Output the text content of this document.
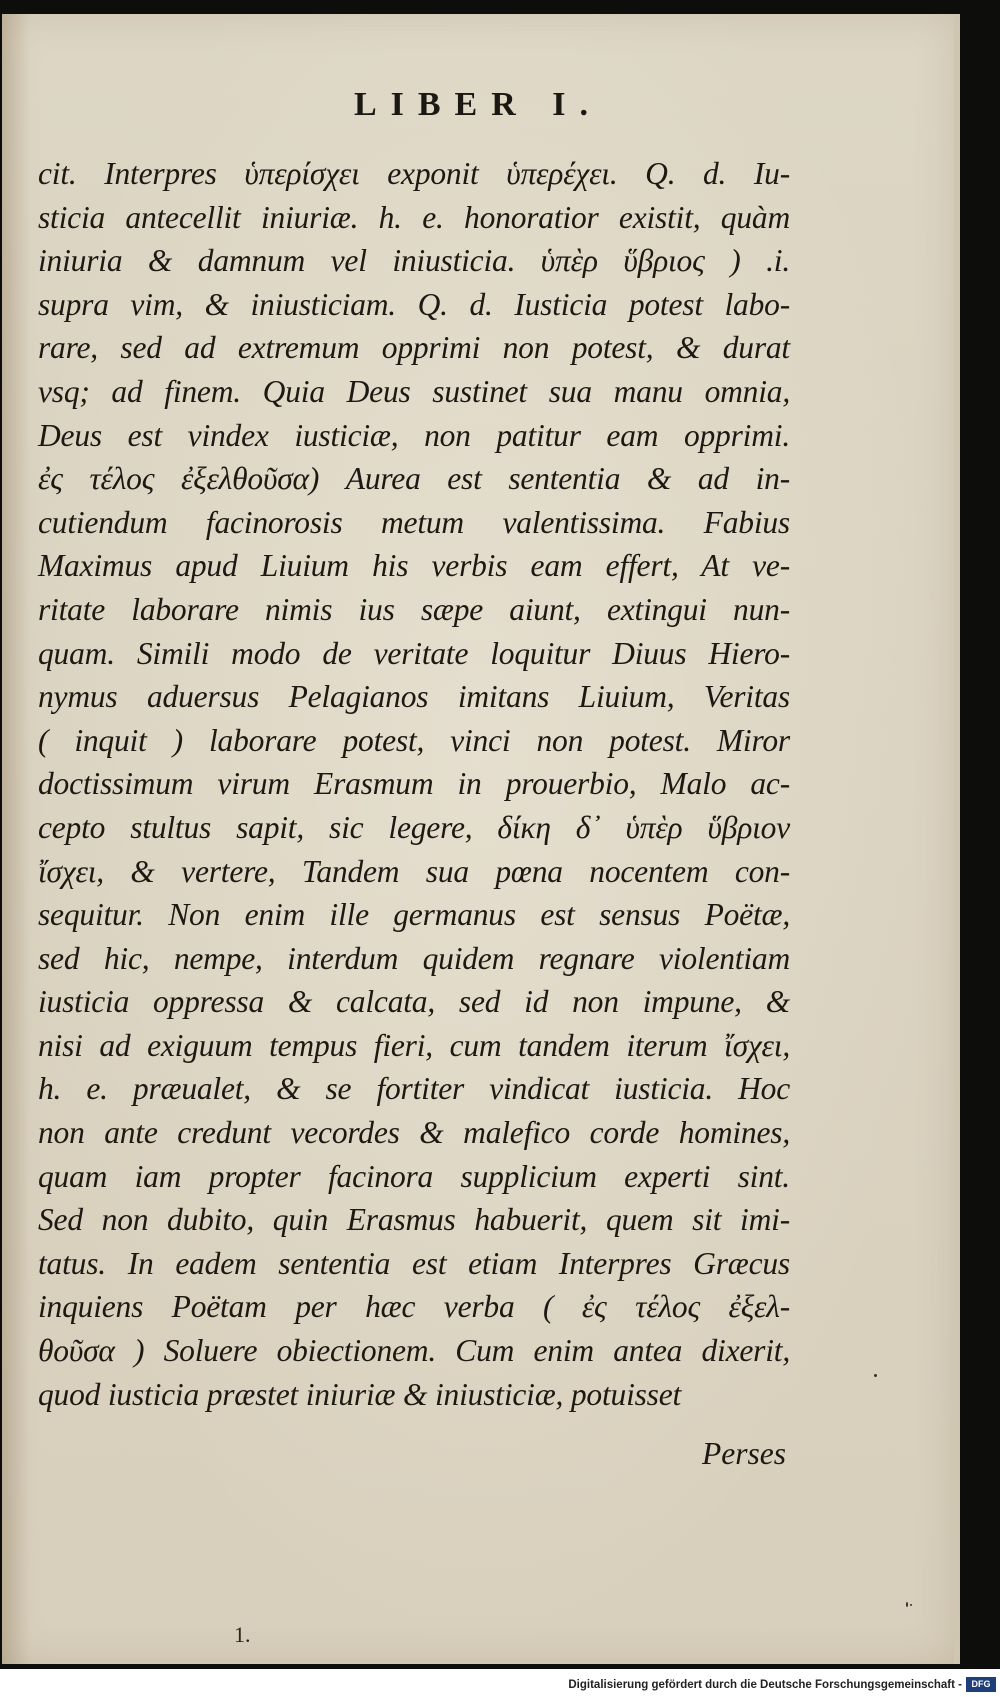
LIBER I.
cit. Interpres ὑπερίσχει exponit ὑπερέχει. Q. d. Iu-
sticia antecellit iniuriæ. h. e. honoratior existit, quàm
iniuria & damnum vel iniusticia. ὑπὲρ ὕβριος ) .i.
supra vim, & iniusticiam. Q. d. Iusticia potest labo-
rare, sed ad extremum opprimi non potest, & durat
vsq; ad finem. Quia Deus sustinet sua manu omnia,
Deus est vindex iusticiæ, non patitur eam opprimi.
ἐς τέλος ἐξελθοῦσα) Aurea est sententia & ad in-
cutiendum facinorosis metum valentissima. Fabius
Maximus apud Liuium his verbis eam effert, At ve-
ritate laborare nimis ius sæpe aiunt, extingui nun-
quam. Simili modo de veritate loquitur Diuus Hiero-
nymus aduersus Pelagianos imitans Liuium, Veritas
( inquit ) laborare potest, vinci non potest. Miror
doctissimum virum Erasmum in prouerbio, Malo ac-
cepto stultus sapit, sic legere, δίκη δ᾽ ὑπὲρ ὕβριον
ἴσχει, & vertere, Tandem sua pœna nocentem con-
sequitur. Non enim ille germanus est sensus Poëtæ,
sed hic, nempe, interdum quidem regnare violentiam
iusticia oppressa & calcata, sed id non impune, &
nisi ad exiguum tempus fieri, cum tandem iterum ἴσχει,
h. e. præualet, & se fortiter vindicat iusticia. Hoc
non ante credunt vecordes & malefico corde homines,
quam iam propter facinora supplicium experti sint.
Sed non dubito, quin Erasmus habuerit, quem sit imi-
tatus. In eadem sententia est etiam Interpres Græcus
inquiens Poëtam per hæc verba ( ἐς τέλος ἐξελ-
θοῦσα ) Soluere obiectionem. Cum enim antea dixerit,
quod iusticia præstet iniuriæ & iniusticiæ, potuisset
Perses
1.
Digitalisierung gefördert durch die Deutsche Forschungsgemeinschaft -	DFG
